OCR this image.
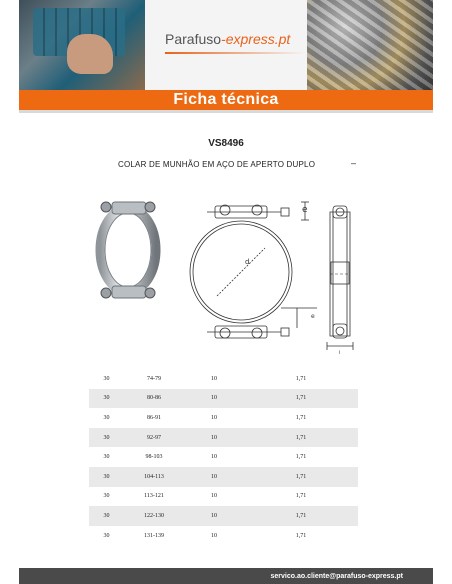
Parafuso-express.pt
Ficha técnica
VS8496
COLAR DE MUNHÃO EM AÇO DE APERTO DUPLO	–
d
e
e
i
30	74-79	10	1,71
30	80-86	10	1,71
30	86-91	10	1,71
30	92-97	10	1,71
30	98-103	10	1,71
30	104-113	10	1,71
30	113-121	10	1,71
30	122-130	10	1,71
30	131-139	10	1,71
servico.ao.cliente@parafuso-express.pt
